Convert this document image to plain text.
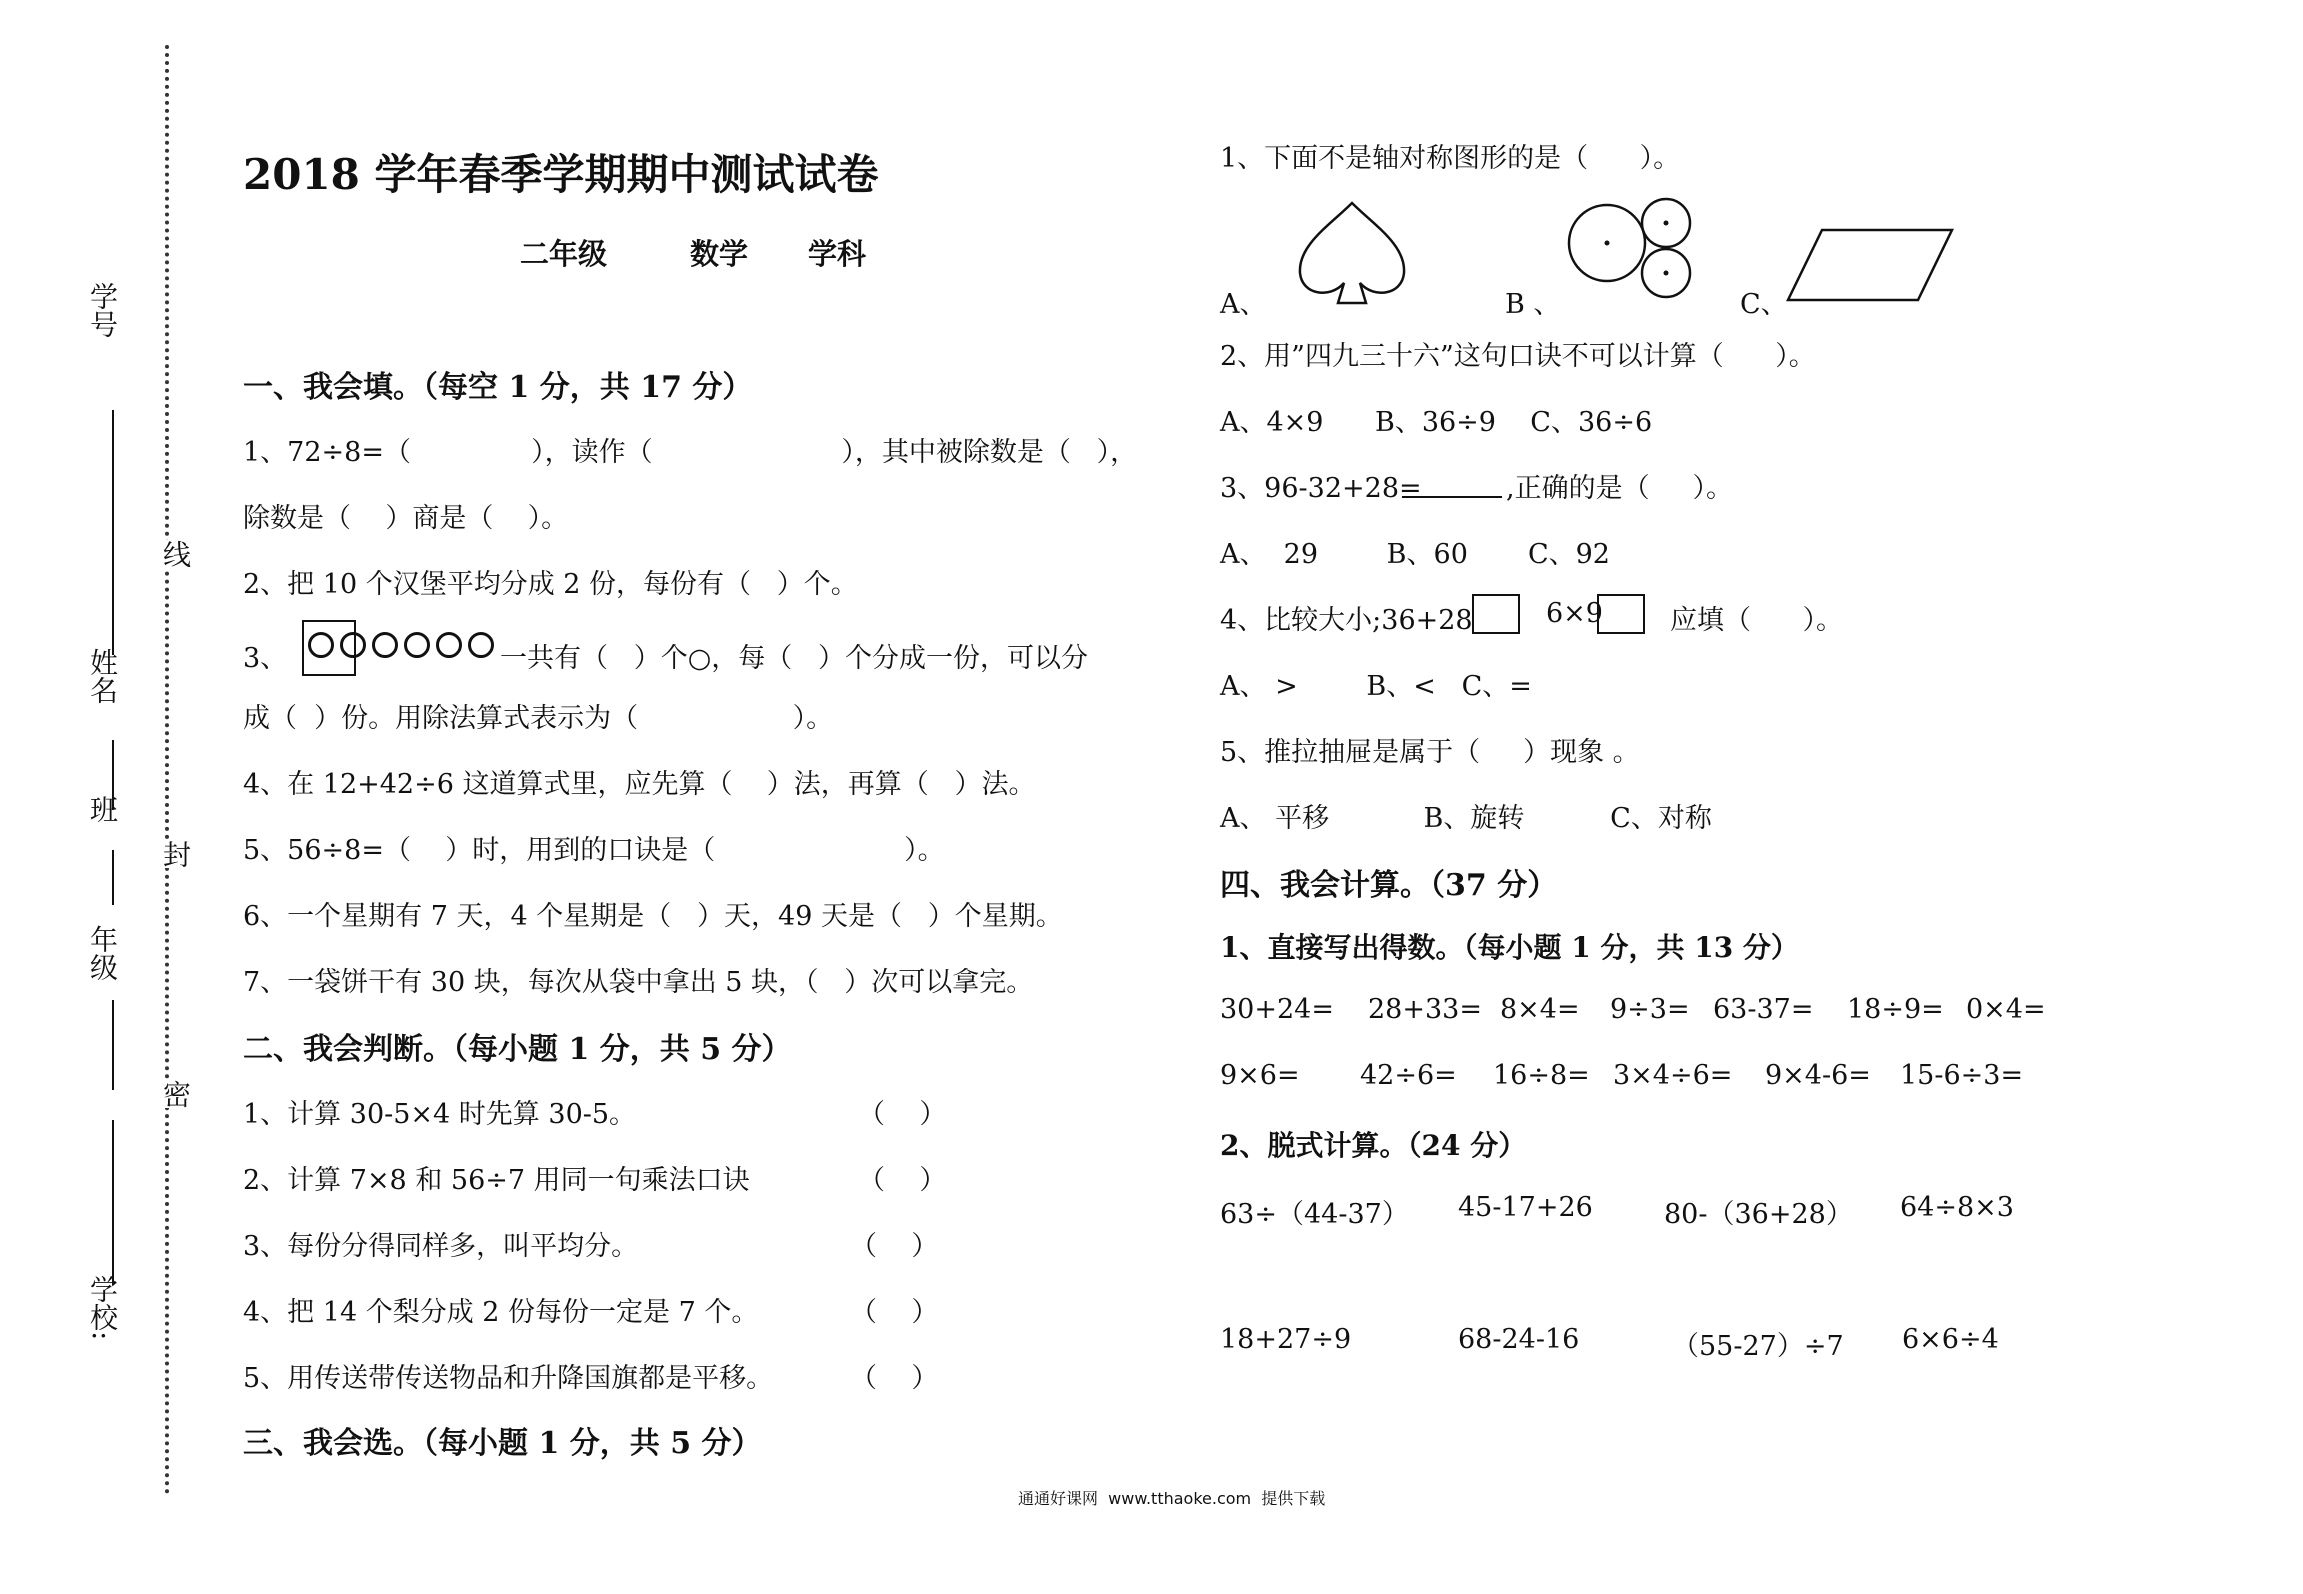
学号
线
姓名
班
封
年级
密
学校:
2018 学年春季学期期中测试试卷
二年级	数学 学科
一、我会填。（每空 1 分，共 17 分）
1、72÷8=（              ），读作（                      ），其中被除数是（   ），
除数是（    ）商是（    ）。
2、把 10 个汉堡平均分成 2 份，每份有（   ）个。
3、	一共有（   ）个○，每（   ）个分成一份，可以分
成（  ）份。用除法算式表示为（                  ）。
4、在 12+42÷6 这道算式里，应先算（    ）法，再算（   ）法。
5、56÷8=（    ）时，用到的口诀是（                      ）。
6、一个星期有 7 天，4 个星期是（   ）天，49 天是（   ）个星期。
7、一袋饼干有 30 块，每次从袋中拿出 5 块，（   ）次可以拿完。
二、我会判断。（每小题 1 分，共 5 分）
1、计算 30-5×4 时先算 30-5。	（    ）
2、计算 7×8 和 56÷7 用同一句乘法口诀	（    ）
3、每份分得同样多，叫平均分。	（    ）
4、把 14 个梨分成 2 份每份一定是 7 个。	（    ）
5、用传送带传送物品和升降国旗都是平移。	（    ）
三、我会选。（每小题 1 分，共 5 分）
1、下面不是轴对称图形的是（      ）。
A、	B 、	C、
2、用”四九三十六”这句口诀不可以计算（      ）。
A、4×9      B、36÷9    C、36÷6
3、96-32+28=	,正确的是（     ）。
A、  29        B、60       C、92
4、比较大小;36+28	6×9 应填（      ）。
A、 >        B、<   C、=
5、推拉抽屉是属于（     ）现象 。
A、 平移           B、旋转          C、对称
四、我会计算。（37 分）
1、直接写出得数。（每小题 1 分，共 13 分）
30+24= 28+33= 8×4= 9÷3= 63-37= 18÷9= 0×4=
9×6= 42÷6= 16÷8= 3×4÷6= 9×4-6= 15-6÷3=
2、脱式计算。（24 分）
63÷（44-37） 45-17+26	80-（36+28） 64÷8×3
18+27÷9	68-24-16	（55-27）÷7 6×6÷4
通通好课网  www.tthaoke.com  提供下载
